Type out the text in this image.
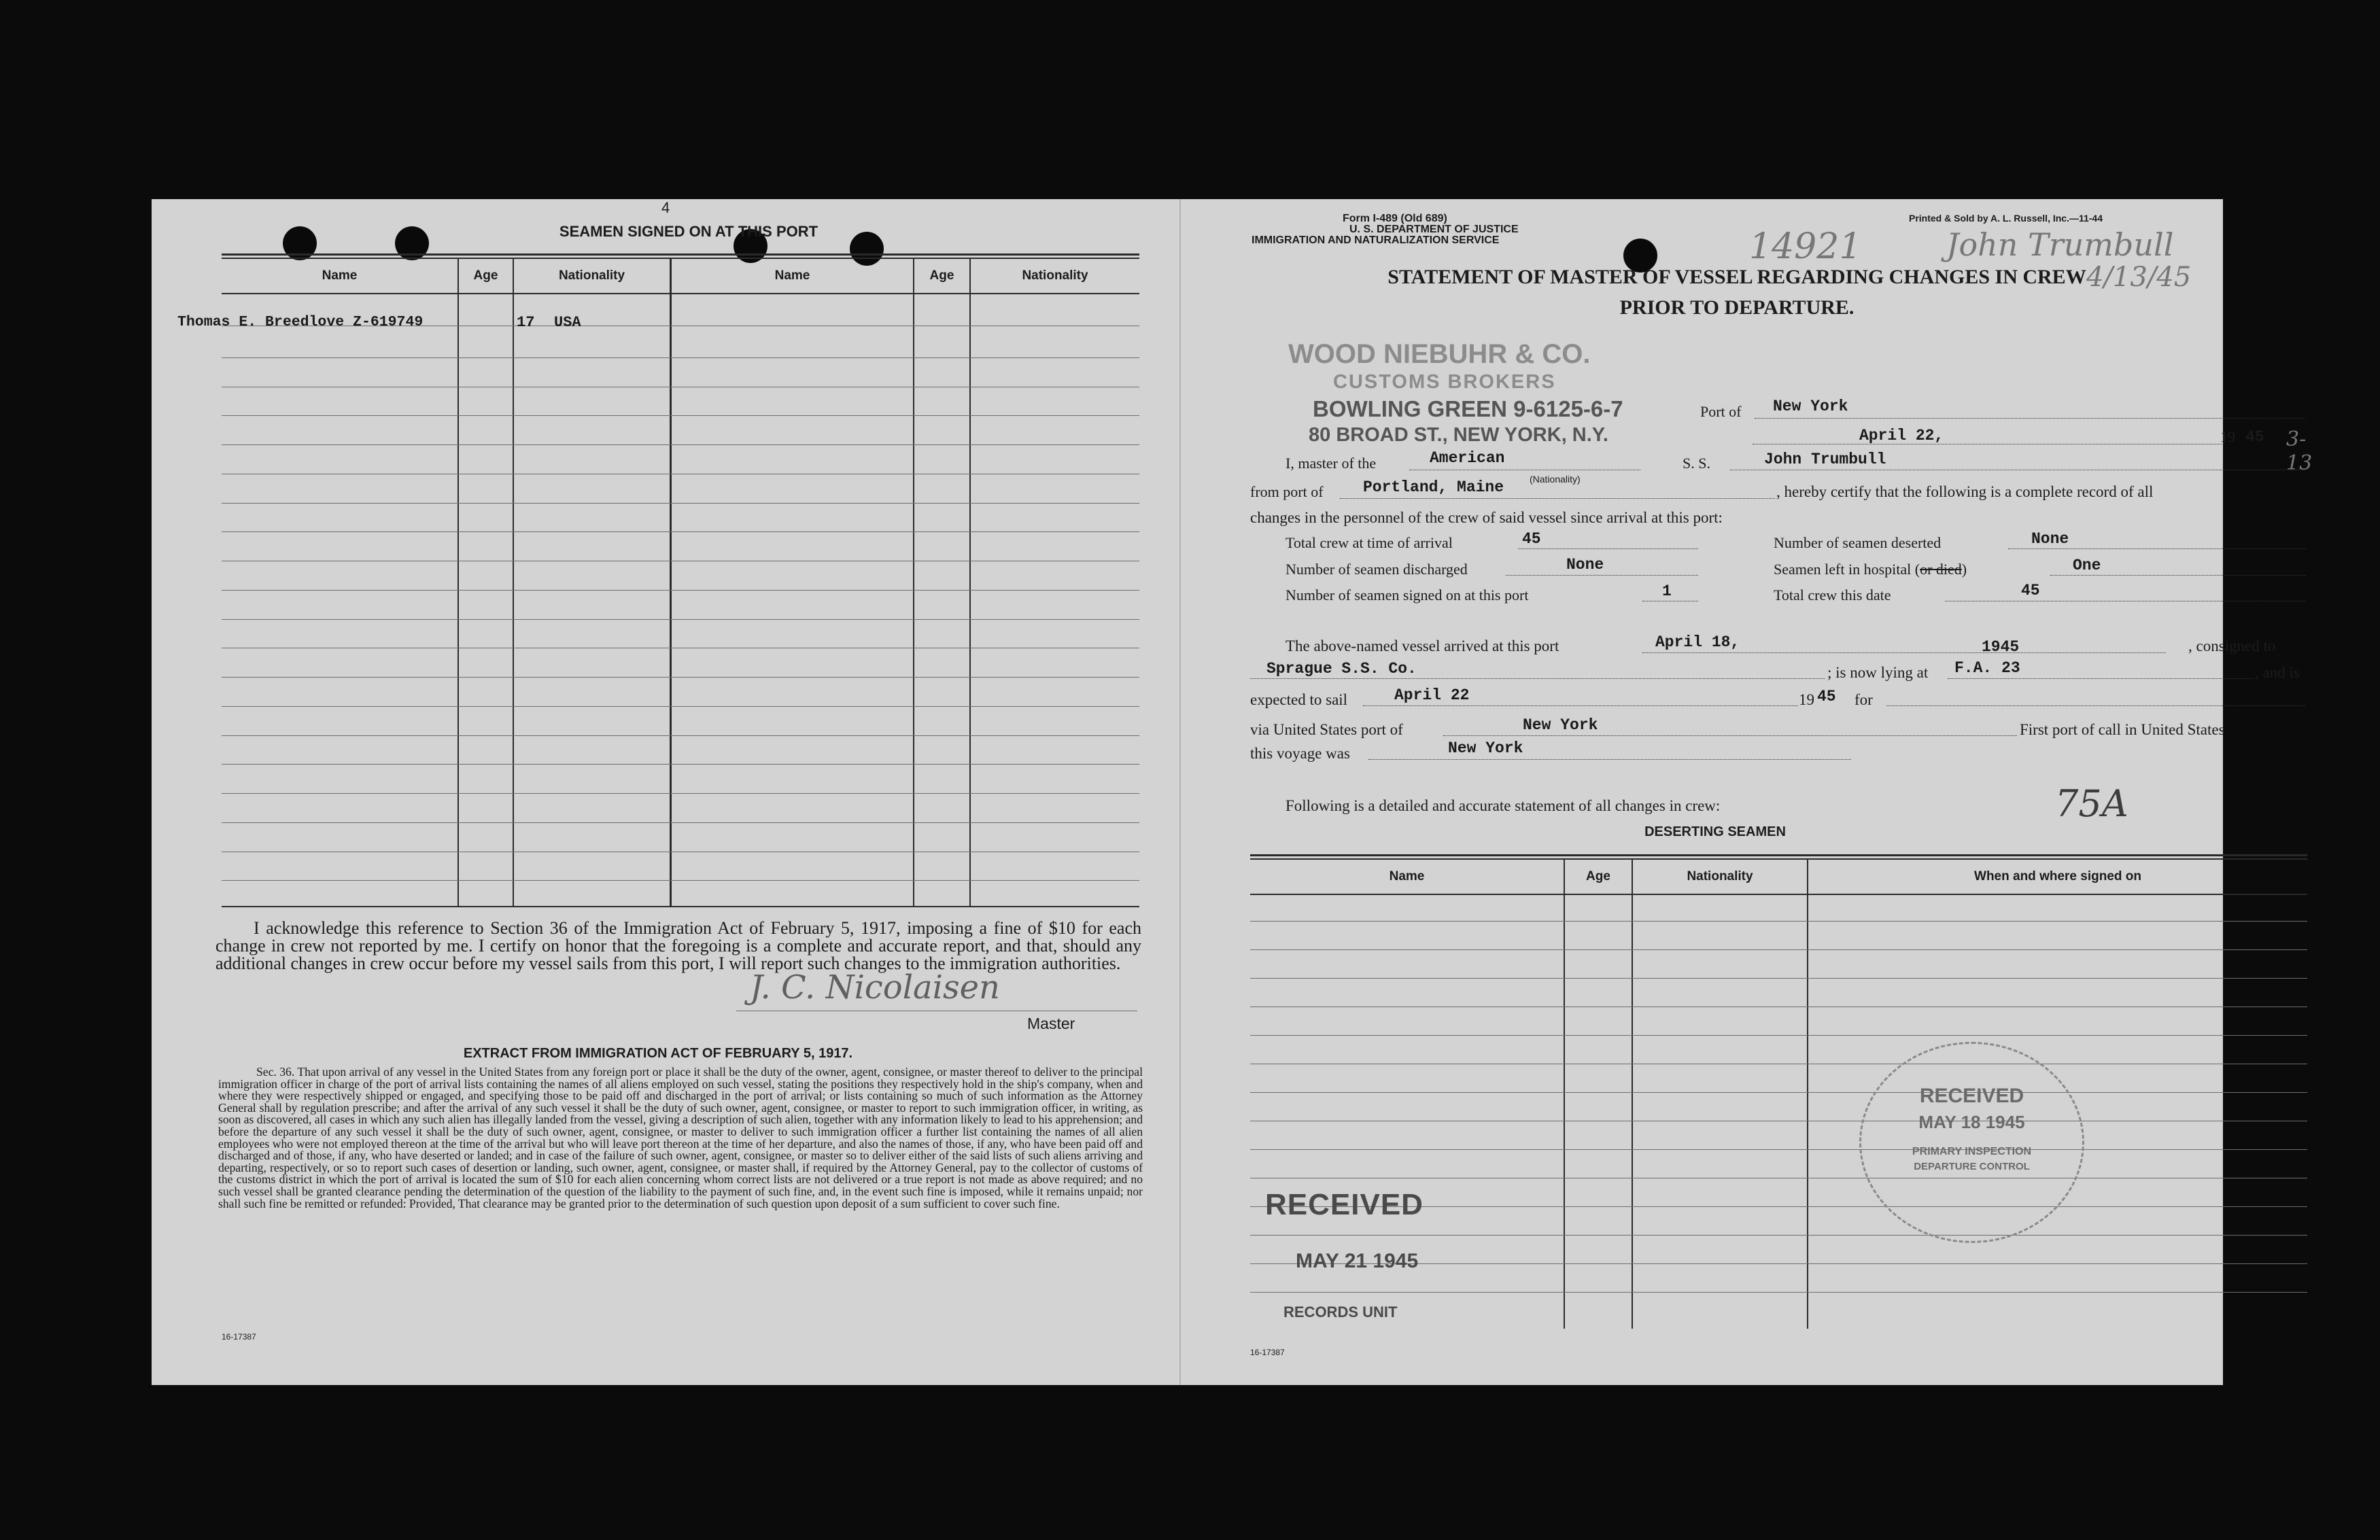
4
SEAMEN SIGNED ON AT THIS PORT
Name	Age	Nationality	Name	Age	Nationality
Thomas E. Breedlove Z-619749	17 USA
I acknowledge this reference to Section 36 of the Immigration Act of February 5, 1917, imposing a fine of $10 for each change in crew not reported by me. I certify on honor that the foregoing is a complete and accurate report, and that, should any additional changes in crew occur before my vessel sails from this port, I will report such changes to the immigration authorities.
J. C. Nicolaisen
Master
EXTRACT FROM IMMIGRATION ACT OF FEBRUARY 5, 1917.
Sec. 36. That upon arrival of any vessel in the United States from any foreign port or place it shall be the duty of the owner, agent, consignee, or master thereof to deliver to the principal immigration officer in charge of the port of arrival lists containing the names of all aliens employed on such vessel, stating the positions they respectively hold in the ship's company, when and where they were respectively shipped or engaged, and specifying those to be paid off and discharged in the port of arrival; or lists containing so much of such information as the Attorney General shall by regulation prescribe; and after the arrival of any such vessel it shall be the duty of such owner, agent, consignee, or master to report to such immigration officer, in writing, as soon as discovered, all cases in which any such alien has illegally landed from the vessel, giving a description of such alien, together with any information likely to lead to his apprehension; and before the departure of any such vessel it shall be the duty of such owner, agent, consignee, or master to deliver to such immigration officer a further list containing the names of all alien employees who were not employed thereon at the time of the arrival but who will leave port thereon at the time of her departure, and also the names of those, if any, who have been paid off and discharged and of those, if any, who have deserted or landed; and in case of the failure of such owner, agent, consignee, or master so to deliver either of the said lists of such aliens arriving and departing, respectively, or so to report such cases of desertion or landing, such owner, agent, consignee, or master shall, if required by the Attorney General, pay to the collector of customs of the customs district in which the port of arrival is located the sum of $10 for each alien concerning whom correct lists are not delivered or a true report is not made as above required; and no such vessel shall be granted clearance pending the determination of the question of the liability to the payment of such fine, and, in the event such fine is imposed, while it remains unpaid; nor shall such fine be remitted or refunded: Provided, That clearance may be granted prior to the determination of such question upon deposit of a sum sufficient to cover such fine.
16-17387
Form I-489 (Old 689)
U. S. DEPARTMENT OF JUSTICE
IMMIGRATION AND NATURALIZATION SERVICE
Printed & Sold by A. L. Russell, Inc.—11-44
14921	John Trumbull
4/13/45
STATEMENT OF MASTER OF VESSEL REGARDING CHANGES IN CREW
PRIOR TO DEPARTURE.
WOOD NIEBUHR & CO.
CUSTOMS BROKERS
BOWLING GREEN 9-6125-6-7
80 BROAD ST., NEW YORK, N.Y.
Port of New York
April 22,	19 45 3-13
I, master of the	American	S. S.	John Trumbull
from port of	Portland, Maine	(Nationality)
, hereby certify that the following is a complete record of all
changes in the personnel of the crew of said vessel since arrival at this port:
Total crew at time of arrival	45	Number of seamen deserted	None
Number of seamen discharged	None	Seamen left in hospital (or died)	One
Number of seamen signed on at this port	1	Total crew this date	45
The above-named vessel arrived at this port	April 18,	1945	, consigned to
Sprague S.S. Co.	; is now lying at F.A. 23	, and is
expected to sail	April 22	19 45 for
via United States port of	New York	First port of call in United States
this voyage was	New York
Following is a detailed and accurate statement of all changes in crew:	75A
DESERTING SEAMEN
Name	Age	Nationality	When and where signed on
RECEIVED
MAY 21 1945
RECORDS UNIT
RECEIVED
MAY 18 1945
PRIMARY INSPECTION
DEPARTURE CONTROL
16-17387
